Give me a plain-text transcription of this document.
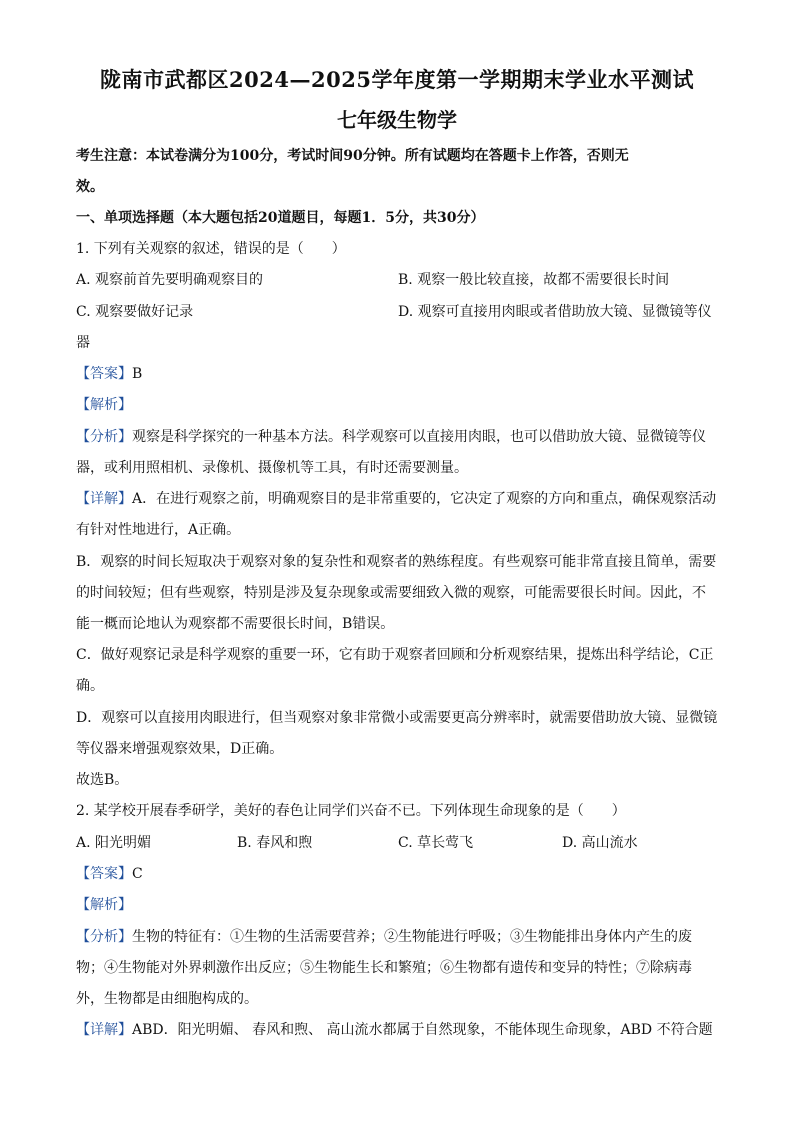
陇南市武都区2024—2025学年度第一学期期末学业水平测试
七年级生物学
考生注意：本试卷满分为100分，考试时间90分钟。所有试题均在答题卡上作答，否则无
效。
一、单项选择题（本大题包括20道题目，每题1．5分，共30分）
1. 下列有关观察的叙述，错误的是（　　）
A. 观察前首先要明确观察目的	B. 观察一般比较直接，故都不需要很长时间
C. 观察要做好记录	D. 观察可直接用肉眼或者借助放大镜、显微镜等仪
器
【答案】B
【解析】
【分析】观察是科学探究的一种基本方法。科学观察可以直接用肉眼，也可以借助放大镜、显微镜等仪
器，或利用照相机、录像机、摄像机等工具，有时还需要测量。
【详解】A．在进行观察之前，明确观察目的是非常重要的，它决定了观察的方向和重点，确保观察活动
有针对性地进行，A正确。
B．观察的时间长短取决于观察对象的复杂性和观察者的熟练程度。有些观察可能非常直接且简单，需要
的时间较短；但有些观察，特别是涉及复杂现象或需要细致入微的观察，可能需要很长时间。因此，不
能一概而论地认为观察都不需要很长时间，B错误。
C．做好观察记录是科学观察的重要一环，它有助于观察者回顾和分析观察结果，提炼出科学结论，C正
确。
D．观察可以直接用肉眼进行，但当观察对象非常微小或需要更高分辨率时，就需要借助放大镜、显微镜
等仪器来增强观察效果，D正确。
故选B。
2. 某学校开展春季研学，美好的春色让同学们兴奋不已。下列体现生命现象的是（　　）
A. 阳光明媚	B. 春风和煦	C. 草长莺飞	D. 高山流水
【答案】C
【解析】
【分析】生物的特征有：①生物的生活需要营养；②生物能进行呼吸；③生物能排出身体内产生的废
物；④生物能对外界刺激作出反应；⑤生物能生长和繁殖；⑥生物都有遗传和变异的特性；⑦除病毒
外，生物都是由细胞构成的。
【详解】ABD．阳光明媚、 春风和煦、 高山流水都属于自然现象，不能体现生命现象，ABD 不符合题
